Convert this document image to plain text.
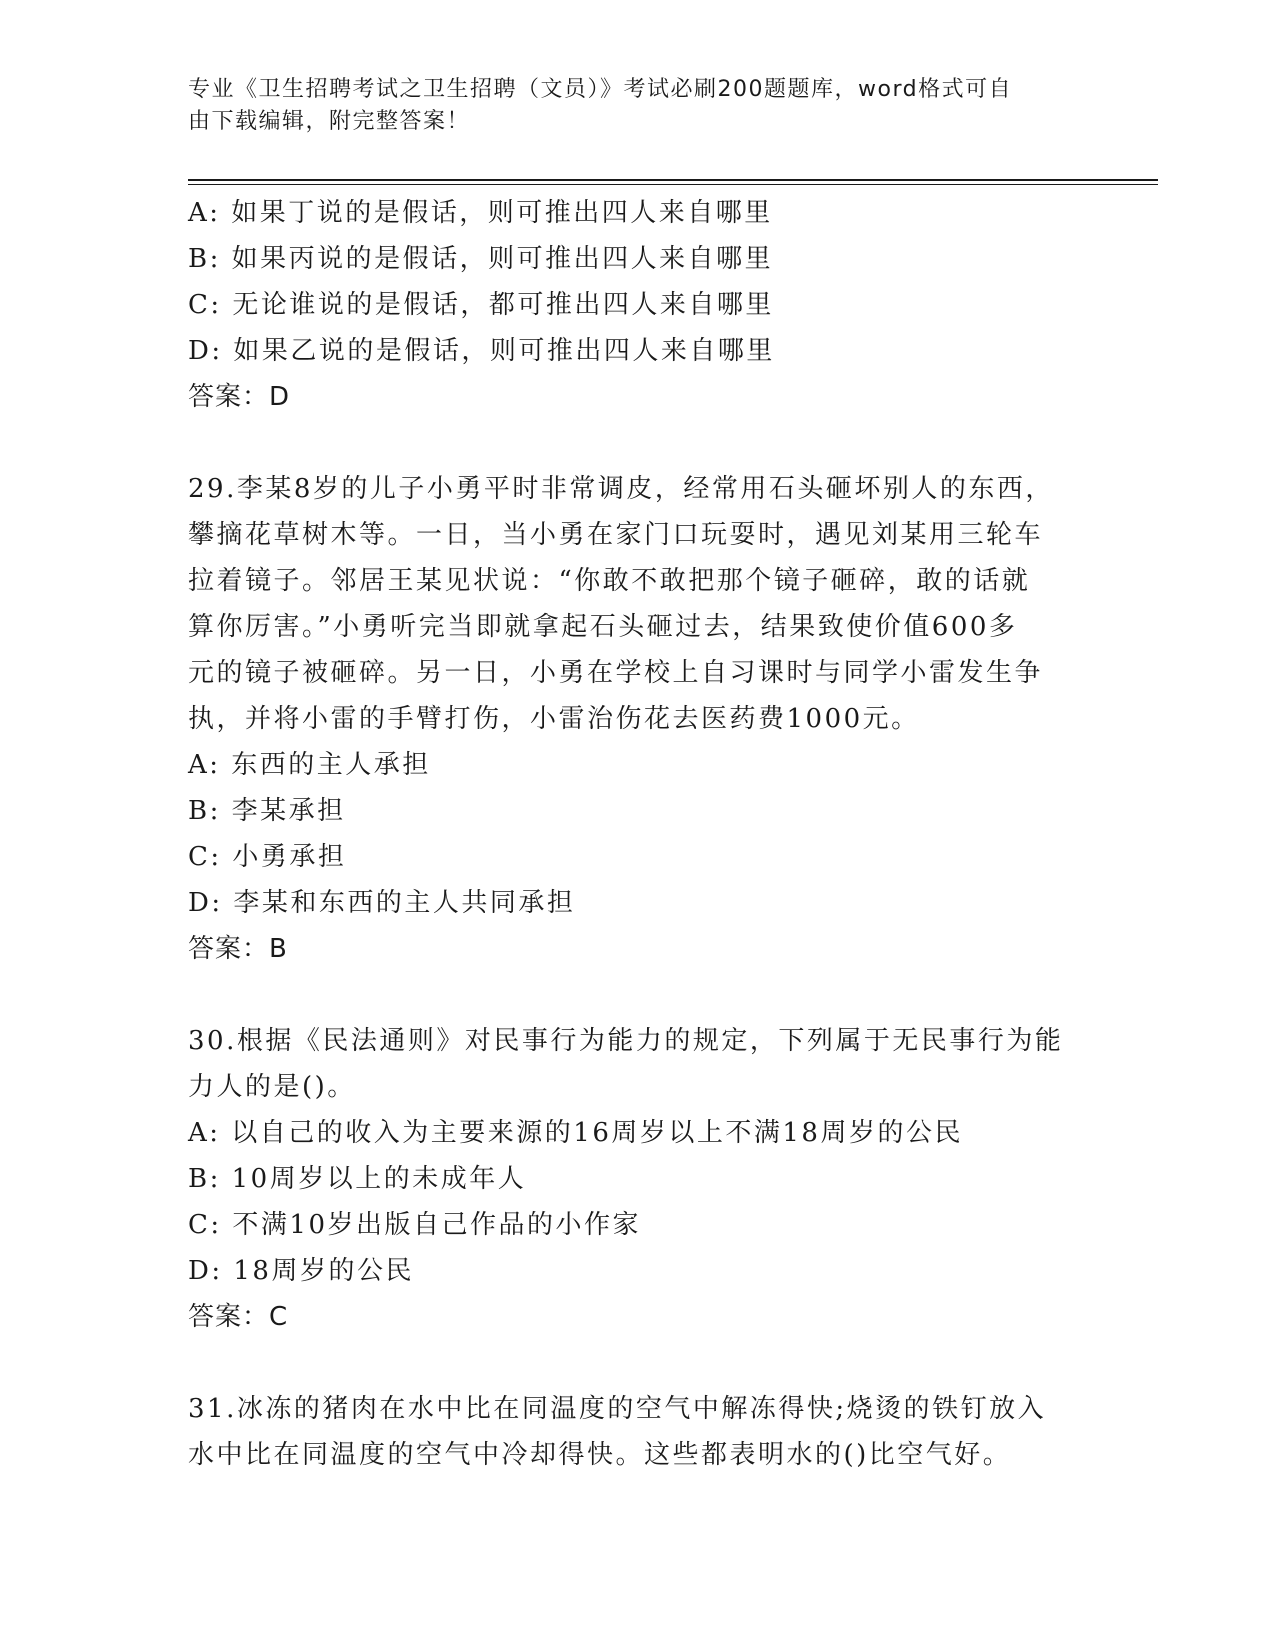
专业《卫生招聘考试之卫生招聘（文员）》考试必刷200题题库，word格式可自
由下载编辑，附完整答案！
A: 如果丁说的是假话，则可推出四人来自哪里
B: 如果丙说的是假话，则可推出四人来自哪里
C: 无论谁说的是假话，都可推出四人来自哪里
D: 如果乙说的是假话，则可推出四人来自哪里
答案：D
29.李某8岁的儿子小勇平时非常调皮，经常用石头砸坏别人的东西，
攀摘花草树木等。一日，当小勇在家门口玩耍时，遇见刘某用三轮车
拉着镜子。邻居王某见状说：“你敢不敢把那个镜子砸碎，敢的话就
算你厉害。”小勇听完当即就拿起石头砸过去，结果致使价值600多
元的镜子被砸碎。另一日，小勇在学校上自习课时与同学小雷发生争
执，并将小雷的手臂打伤，小雷治伤花去医药费1000元。
A: 东西的主人承担
B: 李某承担
C: 小勇承担
D: 李某和东西的主人共同承担
答案：B
30.根据《民法通则》对民事行为能力的规定，下列属于无民事行为能
力人的是()。
A: 以自己的收入为主要来源的16周岁以上不满18周岁的公民
B: 10周岁以上的未成年人
C: 不满10岁出版自己作品的小作家
D: 18周岁的公民
答案：C
31.冰冻的猪肉在水中比在同温度的空气中解冻得快;烧烫的铁钉放入
水中比在同温度的空气中冷却得快。这些都表明水的()比空气好。
